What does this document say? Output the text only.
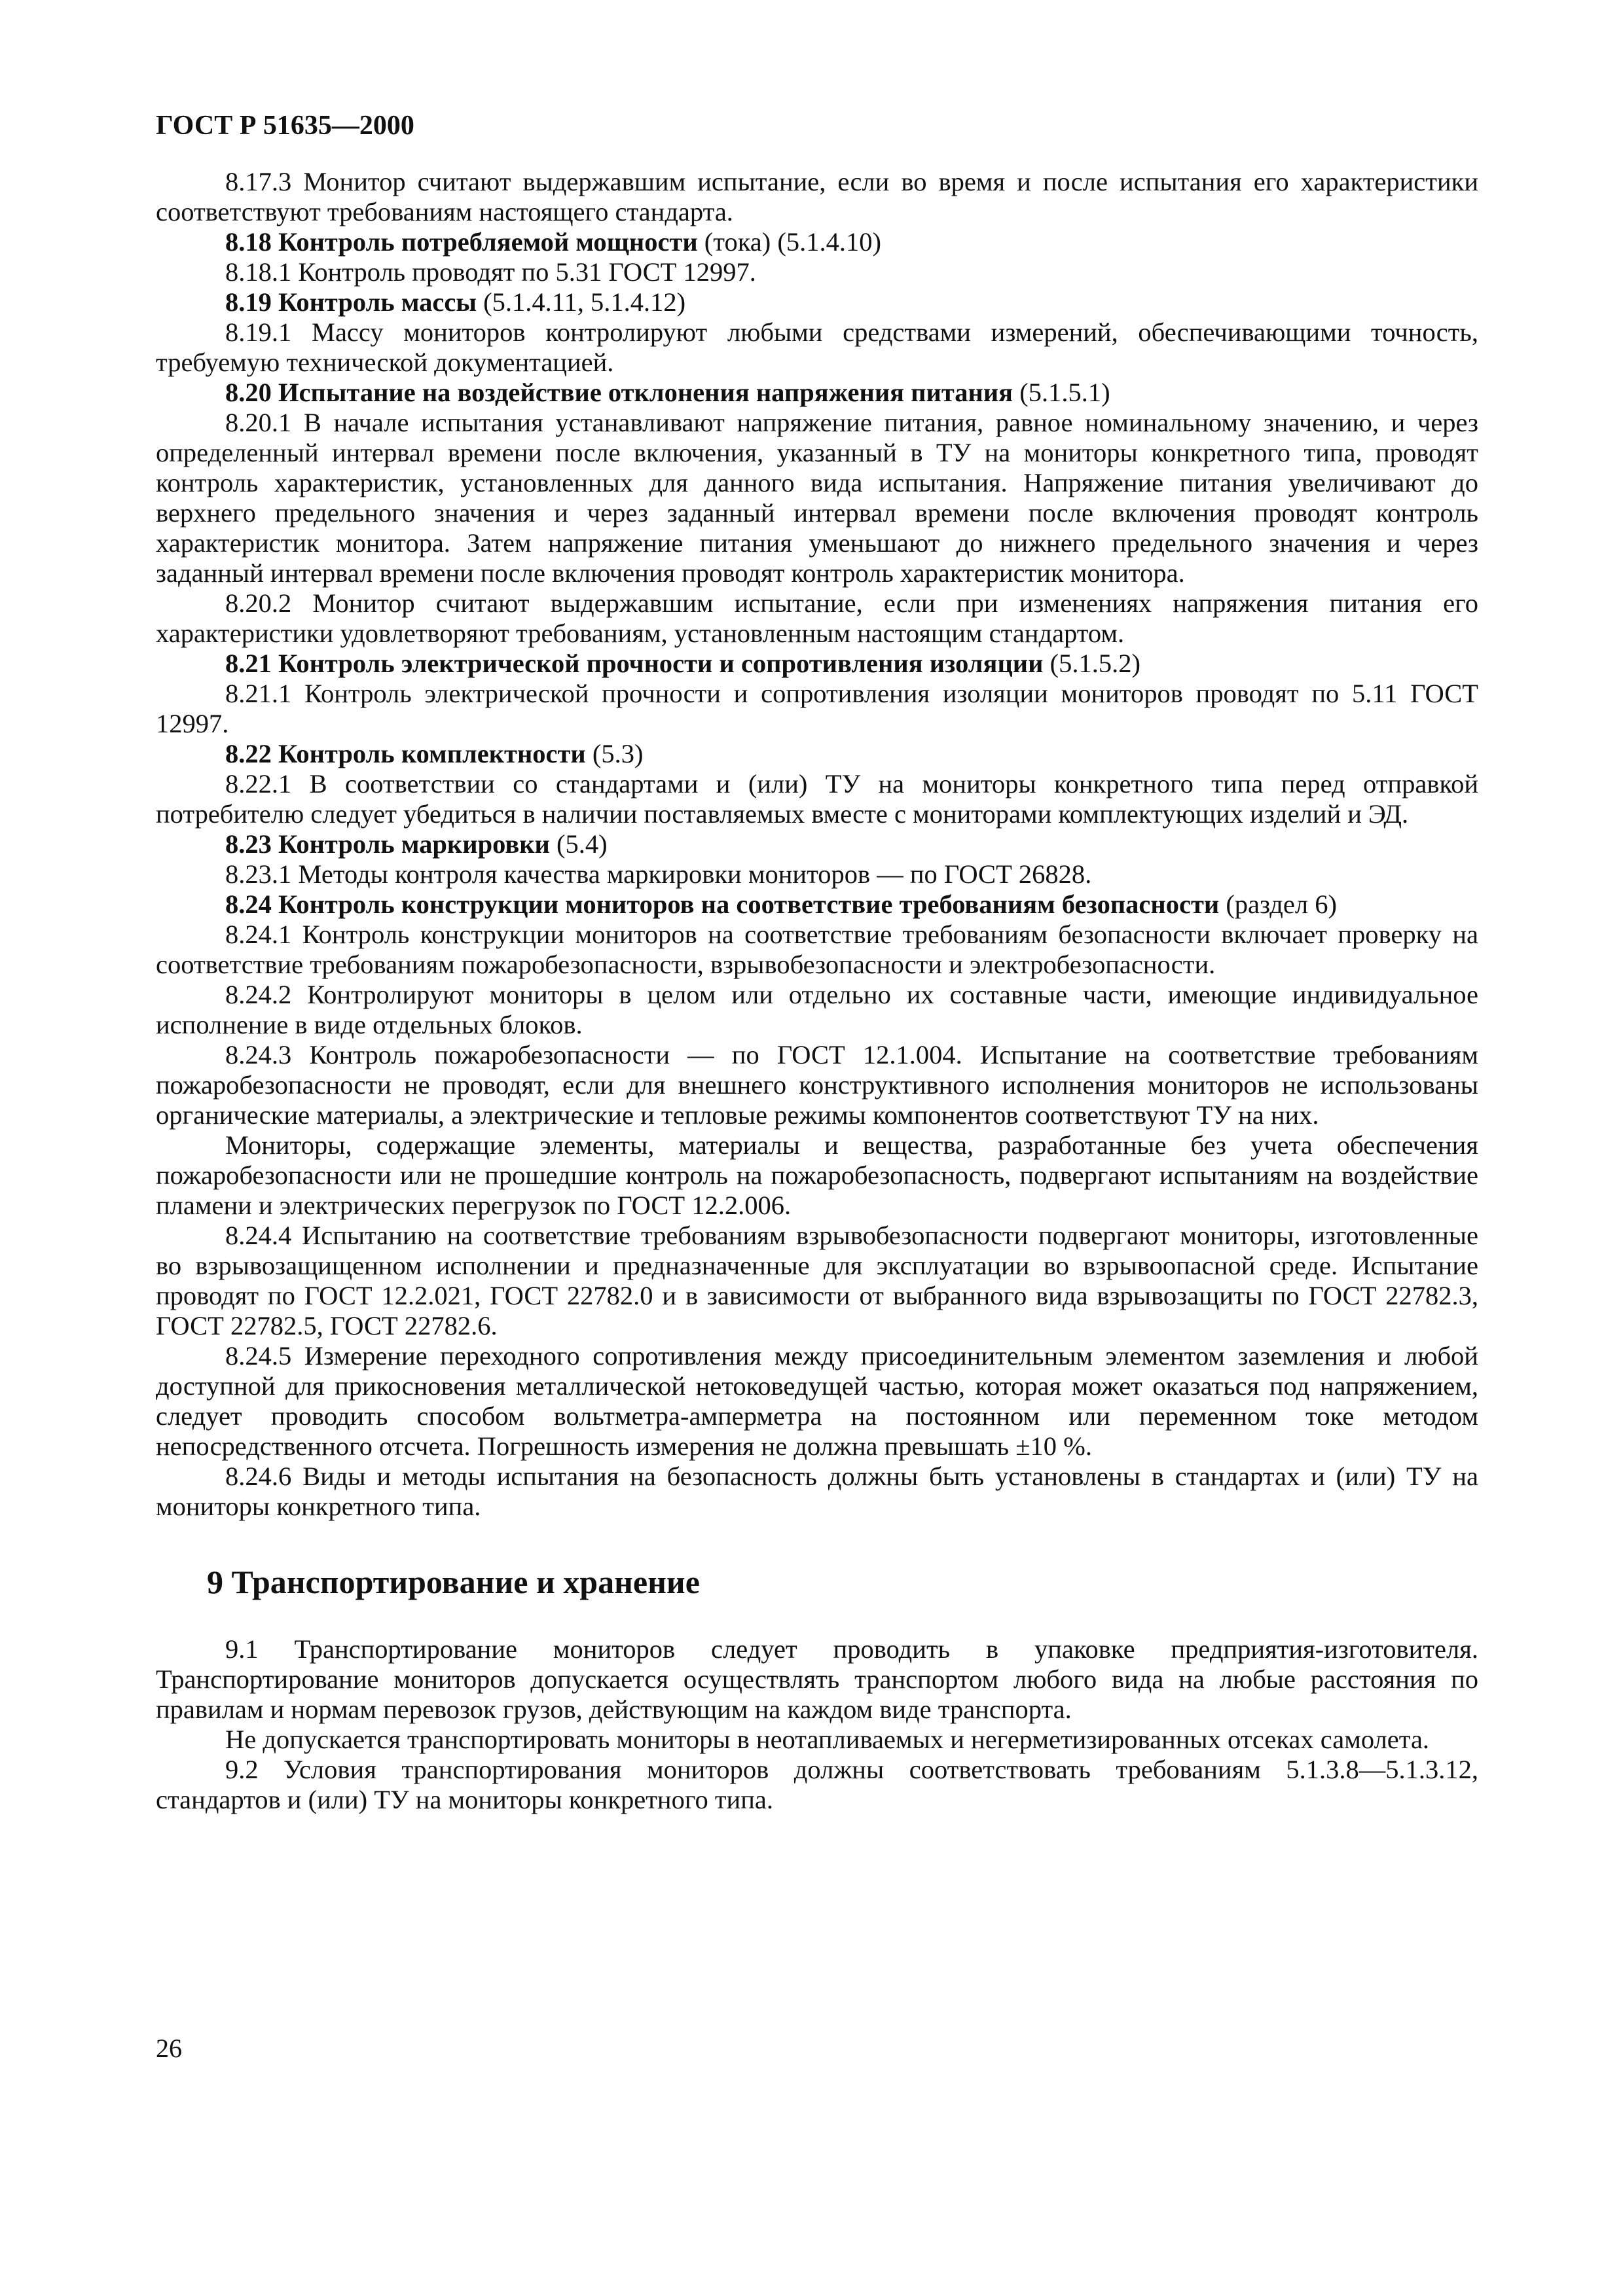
ГОСТ Р 51635—2000

8.17.3 Монитор считают выдержавшим испытание, если во время и после испытания его характеристики соответствуют требованиям настоящего стандарта.

8.18 Контроль потребляемой мощности (тока) (5.1.4.10)

8.18.1 Контроль проводят по 5.31 ГОСТ 12997.

8.19 Контроль массы (5.1.4.11, 5.1.4.12)

8.19.1 Массу мониторов контролируют любыми средствами измерений, обеспечивающими точность, требуемую технической документацией.

8.20 Испытание на воздействие отклонения напряжения питания (5.1.5.1)

8.20.1 В начале испытания устанавливают напряжение питания, равное номинальному значению, и через определенный интервал времени после включения, указанный в ТУ на мониторы конкретного типа, проводят контроль характеристик, установленных для данного вида испытания. Напряжение питания увеличивают до верхнего предельного значения и через заданный интервал времени после включения проводят контроль характеристик монитора. Затем напряжение питания уменьшают до нижнего предельного значения и через заданный интервал времени после включения проводят контроль характеристик монитора.

8.20.2 Монитор считают выдержавшим испытание, если при изменениях напряжения питания его характеристики удовлетворяют требованиям, установленным настоящим стандартом.

8.21 Контроль электрической прочности и сопротивления изоляции (5.1.5.2)

8.21.1 Контроль электрической прочности и сопротивления изоляции мониторов проводят по 5.11 ГОСТ 12997.

8.22 Контроль комплектности (5.3)

8.22.1 В соответствии со стандартами и (или) ТУ на мониторы конкретного типа перед отправкой потребителю следует убедиться в наличии поставляемых вместе с мониторами комплектующих изделий и ЭД.

8.23 Контроль маркировки (5.4)

8.23.1 Методы контроля качества маркировки мониторов — по ГОСТ 26828.

8.24 Контроль конструкции мониторов на соответствие требованиям безопасности (раздел 6)

8.24.1 Контроль конструкции мониторов на соответствие требованиям безопасности включает проверку на соответствие требованиям пожаробезопасности, взрывобезопасности и электробезопасности.

8.24.2 Контролируют мониторы в целом или отдельно их составные части, имеющие индивидуальное исполнение в виде отдельных блоков.

8.24.3 Контроль пожаробезопасности — по ГОСТ 12.1.004. Испытание на соответствие требованиям пожаробезопасности не проводят, если для внешнего конструктивного исполнения мониторов не использованы органические материалы, а электрические и тепловые режимы компонентов соответствуют ТУ на них.

Мониторы, содержащие элементы, материалы и вещества, разработанные без учета обеспечения пожаробезопасности или не прошедшие контроль на пожаробезопасность, подвергают испытаниям на воздействие пламени и электрических перегрузок по ГОСТ 12.2.006.

8.24.4 Испытанию на соответствие требованиям взрывобезопасности подвергают мониторы, изготовленные во взрывозащищенном исполнении и предназначенные для эксплуатации во взрывоопасной среде. Испытание проводят по ГОСТ 12.2.021, ГОСТ 22782.0 и в зависимости от выбранного вида взрывозащиты по ГОСТ 22782.3, ГОСТ 22782.5, ГОСТ 22782.6.

8.24.5 Измерение переходного сопротивления между присоединительным элементом заземления и любой доступной для прикосновения металлической нетоковедущей частью, которая может оказаться под напряжением, следует проводить способом вольтметра-амперметра на постоянном или переменном токе методом непосредственного отсчета. Погрешность измерения не должна превышать ±10 %.

8.24.6 Виды и методы испытания на безопасность должны быть установлены в стандартах и (или) ТУ на мониторы конкретного типа.

9 Транспортирование и хранение

9.1 Транспортирование мониторов следует проводить в упаковке предприятия-изготовителя. Транспортирование мониторов допускается осуществлять транспортом любого вида на любые расстояния по правилам и нормам перевозок грузов, действующим на каждом виде транспорта.

Не допускается транспортировать мониторы в неотапливаемых и негерметизированных отсеках самолета.

9.2 Условия транспортирования мониторов должны соответствовать требованиям 5.1.3.8—5.1.3.12, стандартов и (или) ТУ на мониторы конкретного типа.

26
